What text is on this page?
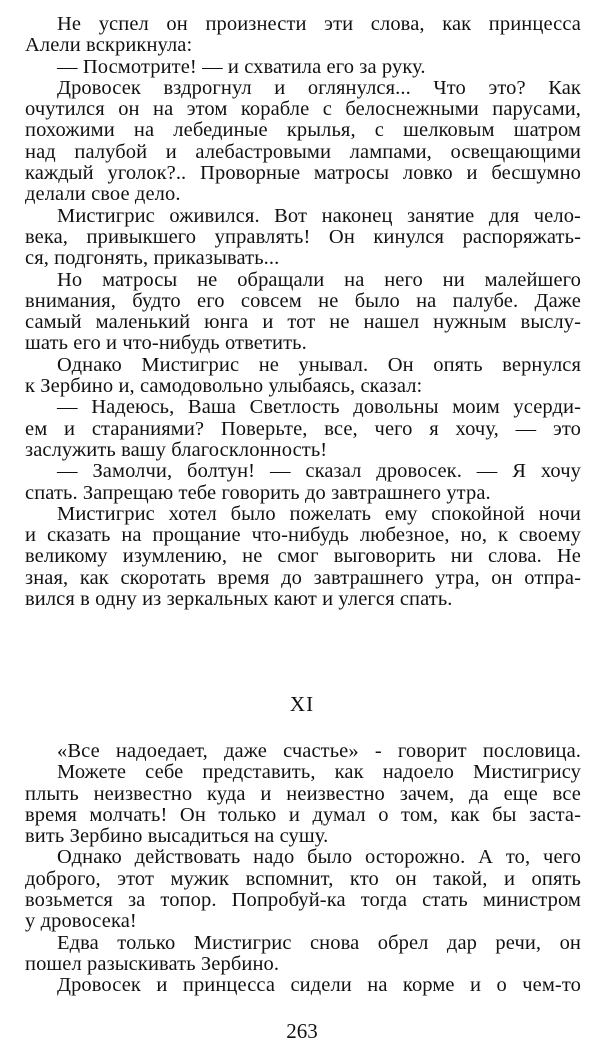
Не успел он произнести эти слова, как принцесса
Алели вскрикнула:
— Посмотрите! — и схватила его за руку.
Дровосек вздрогнул и оглянулся... Что это? Как
очутился он на этом корабле с белоснежными парусами,
похожими на лебединые крылья, с шелковым шатром
над палубой и алебастровыми лампами, освещающими
каждый уголок?.. Проворные матросы ловко и бесшумно
делали свое дело.
Мистигрис оживился. Вот наконец занятие для чело-
века, привыкшего управлять! Он кинулся распоряжать-
ся, подгонять, приказывать...
Но матросы не обращали на него ни малейшего
внимания, будто его совсем не было на палубе. Даже
самый маленький юнга и тот не нашел нужным выслу-
шать его и что-нибудь ответить.
Однако Мистигрис не унывал. Он опять вернулся
к Зербино и, самодовольно улыбаясь, сказал:
— Надеюсь, Ваша Светлость довольны моим усерди-
ем и стараниями? Поверьте, все, чего я хочу, — это
заслужить вашу благосклонность!
— Замолчи, болтун! — сказал дровосек. — Я хочу
спать. Запрещаю тебе говорить до завтрашнего утра.
Мистигрис хотел было пожелать ему спокойной ночи
и сказать на прощание что-нибудь любезное, но, к своему
великому изумлению, не смог выговорить ни слова. Не
зная, как скоротать время до завтрашнего утра, он отпра-
вился в одну из зеркальных кают и улегся спать.
XI
«Все надоедает, даже счастье» - говорит пословица.
Можете себе представить, как надоело Мистигрису
плыть неизвестно куда и неизвестно зачем, да еще все
время молчать! Он только и думал о том, как бы заста-
вить Зербино высадиться на сушу.
Однако действовать надо было осторожно. А то, чего
доброго, этот мужик вспомнит, кто он такой, и опять
возьмется за топор. Попробуй-ка тогда стать министром
у дровосека!
Едва только Мистигрис снова обрел дар речи, он
пошел разыскивать Зербино.
Дровосек и принцесса сидели на корме и о чем-то
263
